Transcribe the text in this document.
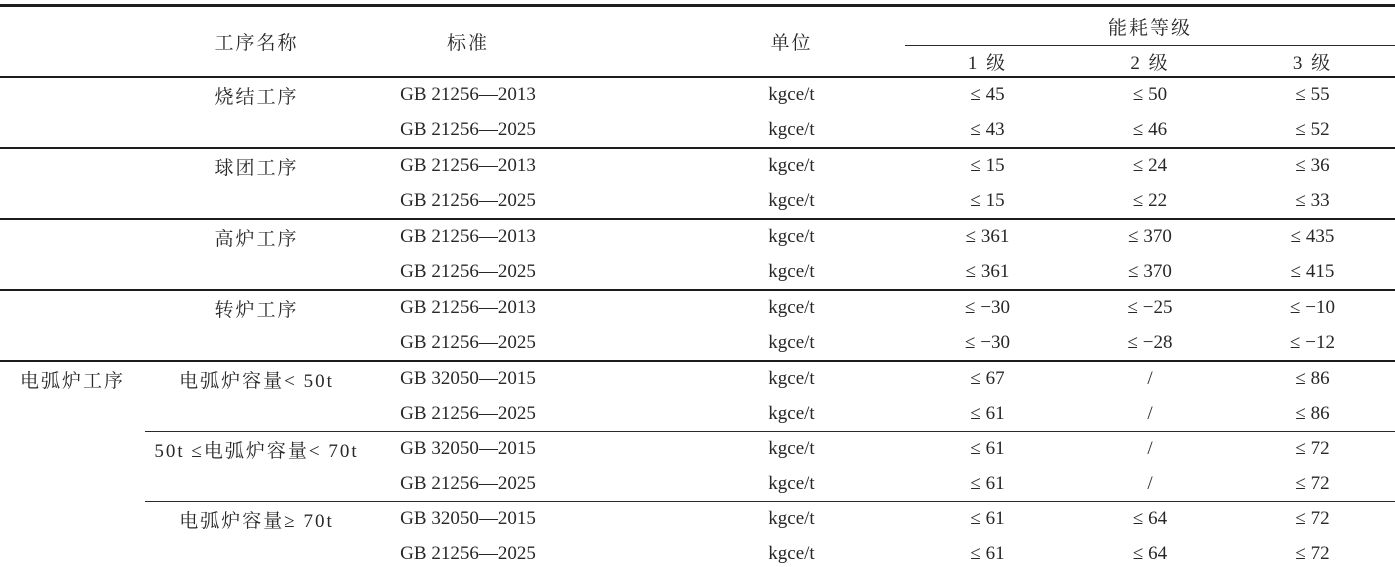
	工序名称	标准	单位	能耗等级		
				1 级	2 级	3 级
	烧结工序	GB 21256—2013	kgce/t	≤ 45	≤ 50	≤ 55
		GB 21256—2025	kgce/t	≤ 43	≤ 46	≤ 52
	球团工序	GB 21256—2013	kgce/t	≤ 15	≤ 24	≤ 36
		GB 21256—2025	kgce/t	≤ 15	≤ 22	≤ 33
	高炉工序	GB 21256—2013	kgce/t	≤ 361	≤ 370	≤ 435
		GB 21256—2025	kgce/t	≤ 361	≤ 370	≤ 415
	转炉工序	GB 21256—2013	kgce/t	≤ −30	≤ −25	≤ −10
		GB 21256—2025	kgce/t	≤ −30	≤ −28	≤ −12
电弧炉工序	电弧炉容量< 50t	GB 32050—2015	kgce/t	≤ 67	/	≤ 86
		GB 21256—2025	kgce/t	≤ 61	/	≤ 86
	50t ≤电弧炉容量< 70t	GB 32050—2015	kgce/t	≤ 61	/	≤ 72
		GB 21256—2025	kgce/t	≤ 61	/	≤ 72
	电弧炉容量≥ 70t	GB 32050—2015	kgce/t	≤ 61	≤ 64	≤ 72
		GB 21256—2025	kgce/t	≤ 61	≤ 64	≤ 72
